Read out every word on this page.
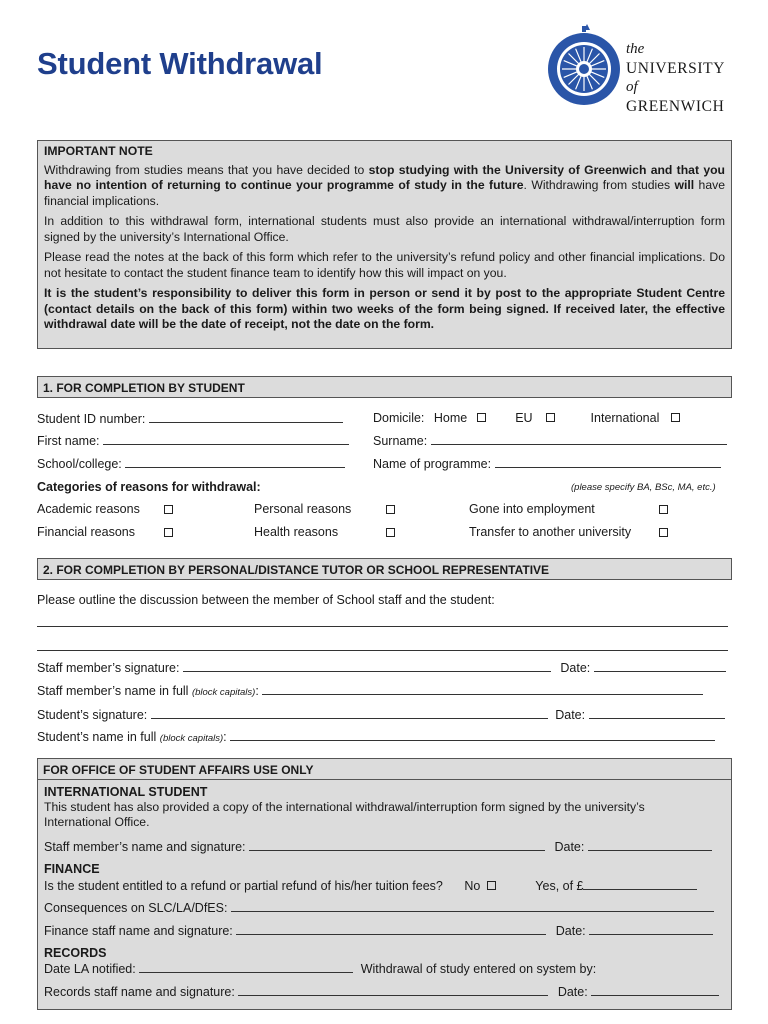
Student Withdrawal	the
UNIVERSITY
of
GREENWICH

IMPORTANT NOTE

Withdrawing from studies means that you have decided to stop studying with the University of Greenwich and that you have no intention of returning to continue your programme of study in the future. Withdrawing from studies will have financial implications.

In addition to this withdrawal form, international students must also provide an international withdrawal/interruption form signed by the university’s International Office.

Please read the notes at the back of this form which refer to the university’s refund policy and other financial implications. Do not hesitate to contact the student finance team to identify how this will impact on you.

It is the student’s responsibility to deliver this form in person or send it by post to the appropriate Student Centre (contact details on the back of this form) within two weeks of the form being signed. If received later, the effective withdrawal date will be the date of receipt, not the date on the form.

1. FOR COMPLETION BY STUDENT
Student ID number:	Domicile: Home	EU	International
First name:	Surname:
School/college:	Name of programme:
Categories of reasons for withdrawal:	(please specify BA, BSc, MA, etc.)
Academic reasons	Personal reasons	Gone into employment
Financial reasons	Health reasons	Transfer to another university
2. FOR COMPLETION BY PERSONAL/DISTANCE TUTOR OR SCHOOL REPRESENTATIVE
Please outline the discussion between the member of School staff and the student:
Staff member’s signature:	Date:
Staff member’s name in full (block capitals):
Student’s signature:	Date:
Student’s name in full (block capitals):
FOR OFFICE OF STUDENT AFFAIRS USE ONLY
INTERNATIONAL STUDENT
This student has also provided a copy of the international withdrawal/interruption form signed by the university’s International Office.
Staff member’s name and signature:	Date:
FINANCE
Is the student entitled to a refund or partial refund of his/her tuition fees? No	Yes, of £
Consequences on SLC/LA/DfES:
Finance staff name and signature:	Date:
RECORDS
Date LA notified:	Withdrawal of study entered on system by:
Records staff name and signature:	Date:
